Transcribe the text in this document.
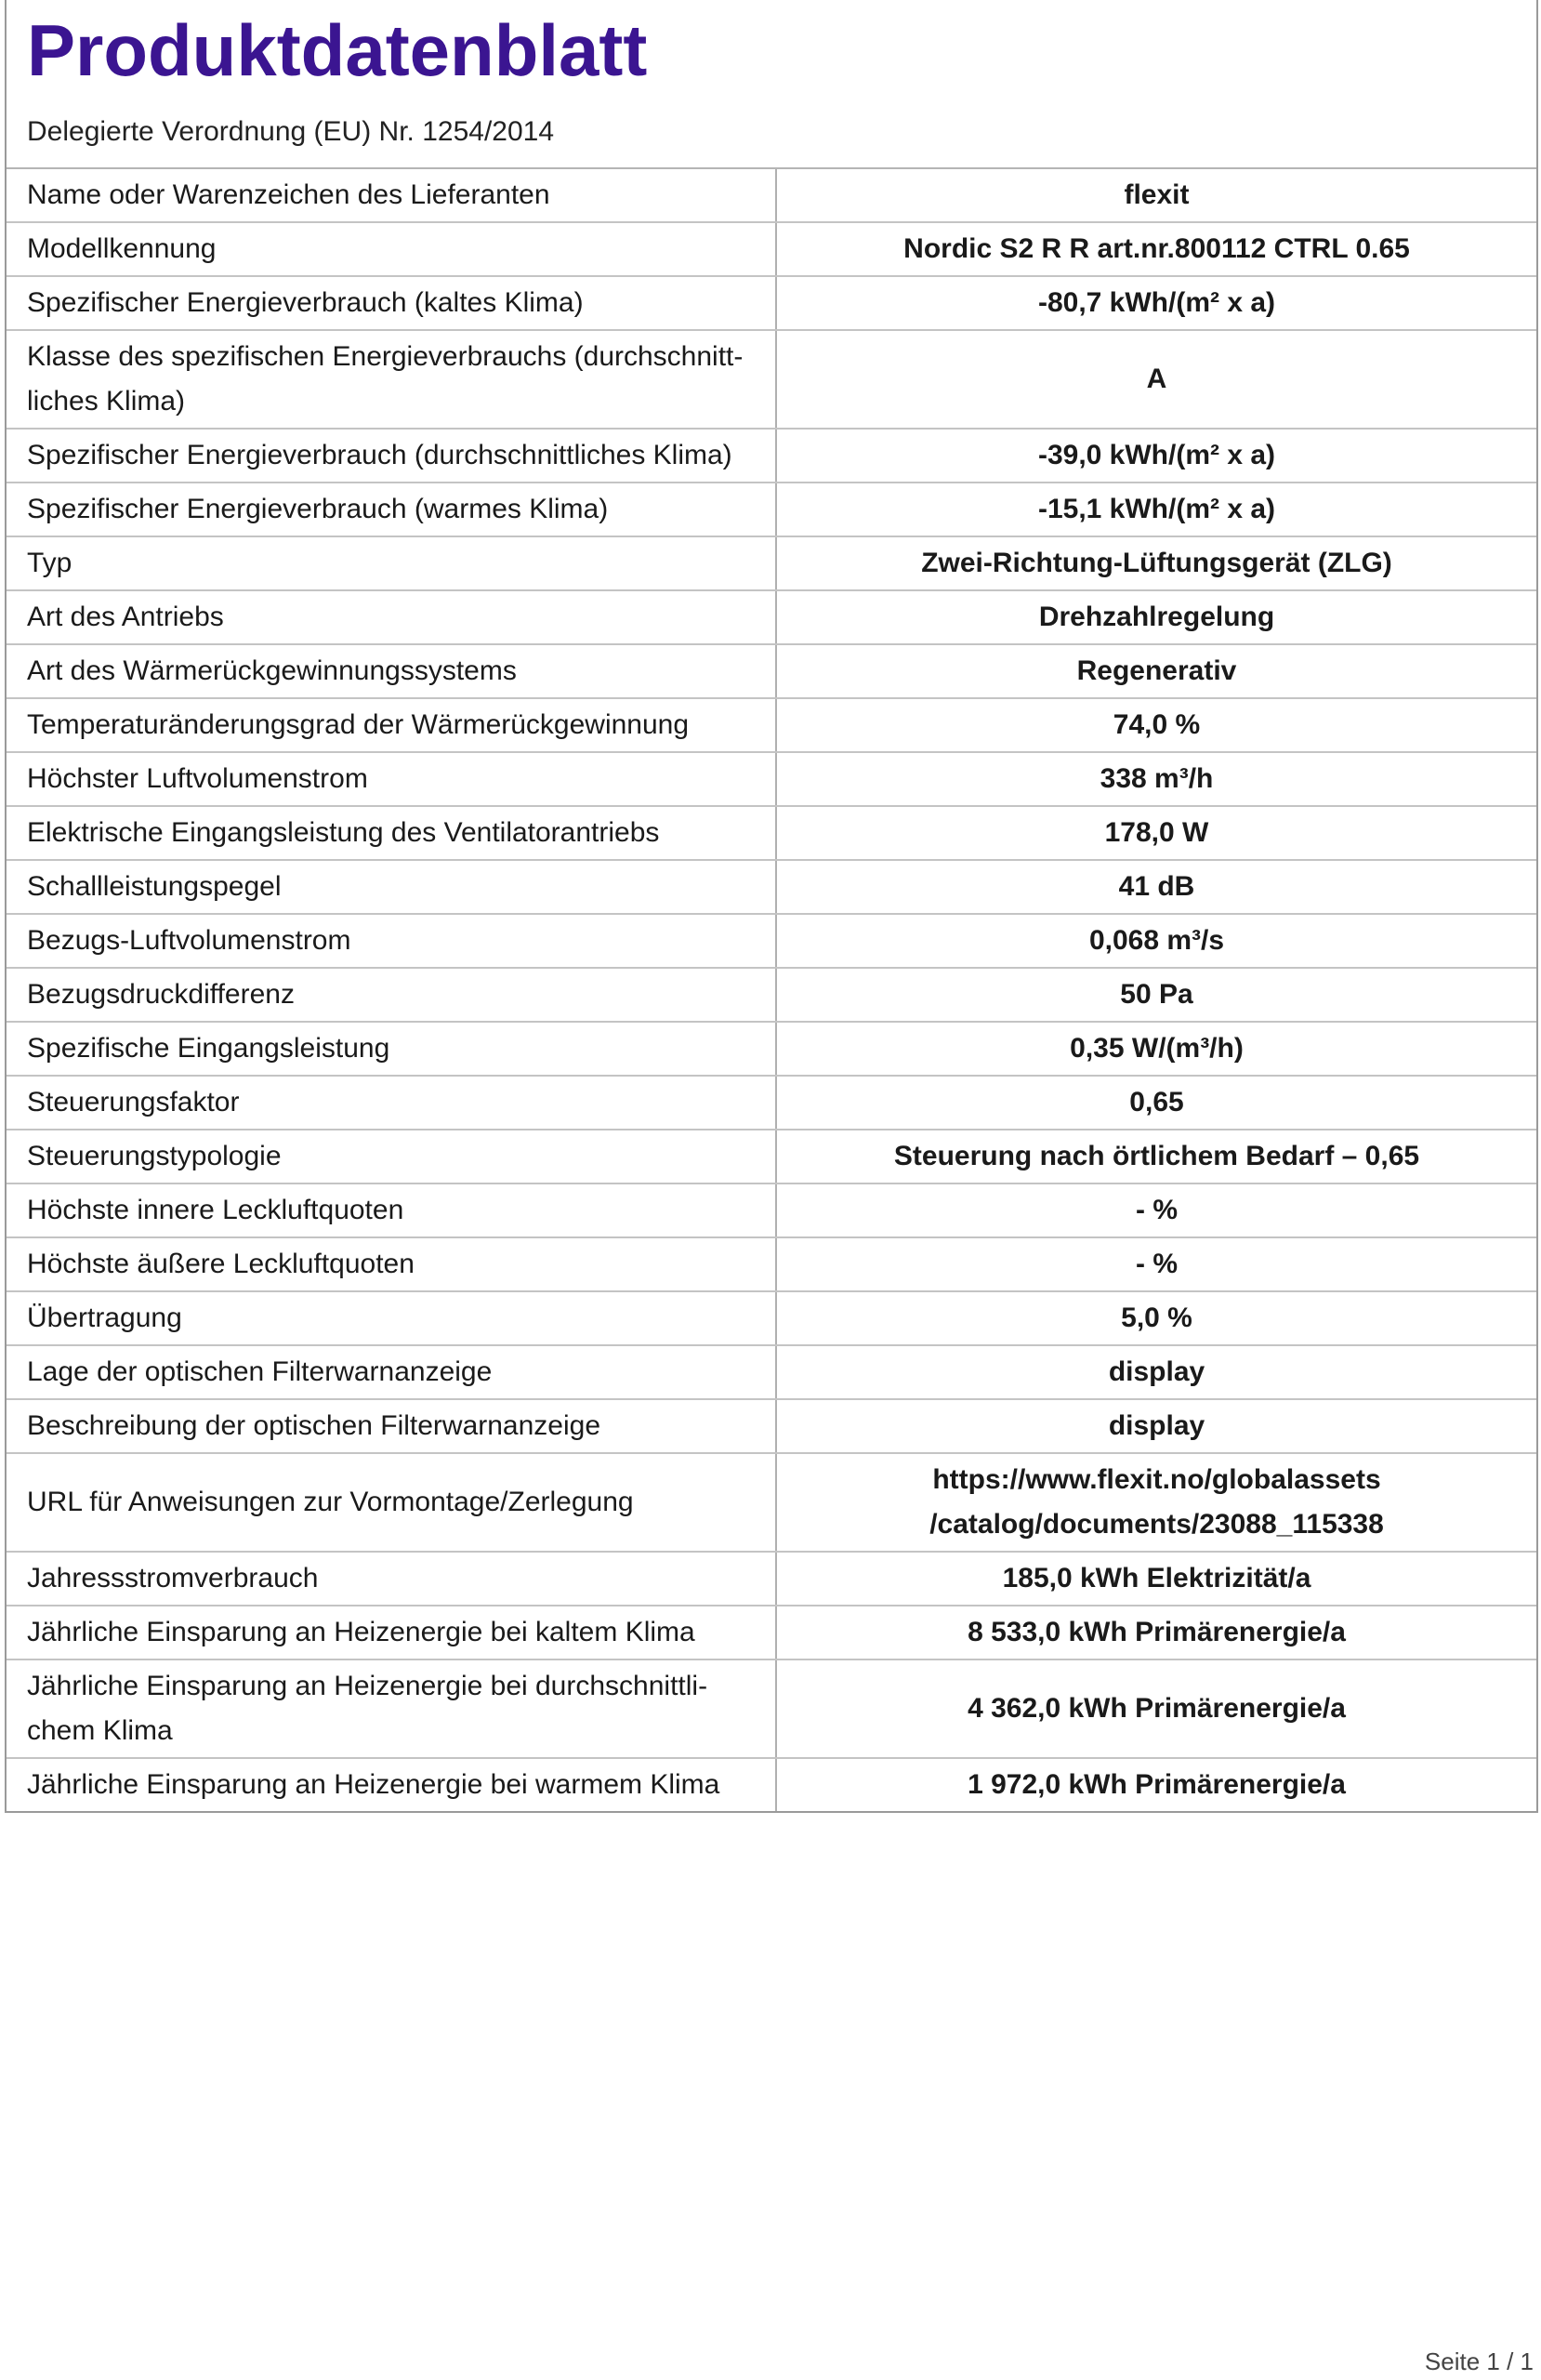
Produktdatenblatt
Delegierte Verordnung (EU) Nr. 1254/2014
Name oder Warenzeichen des Lieferanten	flexit
Modellkennung	Nordic S2 R R art.nr.800112 CTRL 0.65
Spezifischer Energieverbrauch (kaltes Klima)	-80,7 kWh/(m² x a)
Klasse des spezifischen Energieverbrauchs (durchschnitt-liches Klima)	A
Spezifischer Energieverbrauch (durchschnittliches Klima)	-39,0 kWh/(m² x a)
Spezifischer Energieverbrauch (warmes Klima)	-15,1 kWh/(m² x a)
Typ	Zwei-Richtung-Lüftungsgerät (ZLG)
Art des Antriebs	Drehzahlregelung
Art des Wärmerückgewinnungssystems	Regenerativ
Temperaturänderungsgrad der Wärmerückgewinnung	74,0 %
Höchster Luftvolumenstrom	338 m³/h
Elektrische Eingangsleistung des Ventilatorantriebs	178,0 W
Schallleistungspegel	41 dB
Bezugs-Luftvolumenstrom	0,068 m³/s
Bezugsdruckdifferenz	50 Pa
Spezifische Eingangsleistung	0,35 W/(m³/h)
Steuerungsfaktor	0,65
Steuerungstypologie	Steuerung nach örtlichem Bedarf – 0,65
Höchste innere Leckluftquoten	- %
Höchste äußere Leckluftquoten	- %
Übertragung	5,0 %
Lage der optischen Filterwarnanzeige	display
Beschreibung der optischen Filterwarnanzeige	display
URL für Anweisungen zur Vormontage/Zerlegung	https://www.flexit.no/globalassets /catalog/documents/23088_115338
Jahressstromverbrauch	185,0 kWh Elektrizität/a
Jährliche Einsparung an Heizenergie bei kaltem Klima	8 533,0 kWh Primärenergie/a
Jährliche Einsparung an Heizenergie bei durchschnittli-chem Klima	4 362,0 kWh Primärenergie/a
Jährliche Einsparung an Heizenergie bei warmem Klima	1 972,0 kWh Primärenergie/a
Seite 1 / 1
